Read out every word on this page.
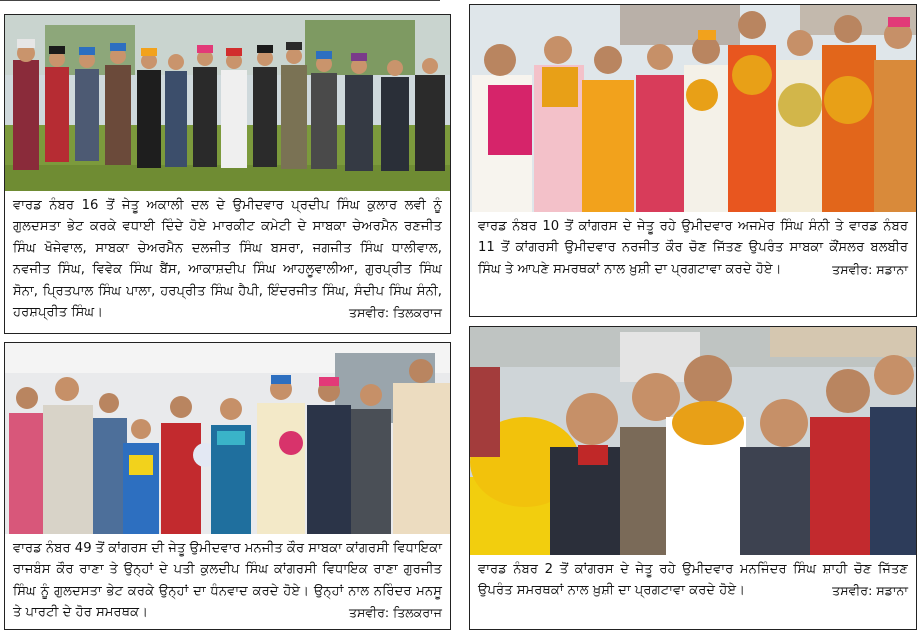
ਵਾਰਡ ਨੰਬਰ 16 ਤੋਂ ਜੇਤੂ ਅਕਾਲੀ ਦਲ ਦੇ ਉਮੀਦਵਾਰ ਪ੍ਰਦੀਪ ਸਿੰਘ ਕੁਲਾਰ ਲਵੀ ਨੂੰ ਗੁਲਦਸਤਾ ਭੇਟ ਕਰਕੇ ਵਧਾਈ ਦਿੰਦੇ ਹੋਏ ਮਾਰਕੀਟ ਕਮੇਟੀ ਦੇ ਸਾਬਕਾ ਚੇਅਰਮੈਨ ਰਣਜੀਤ ਸਿੰਘ ਖੋਜੇਵਾਲ, ਸਾਬਕਾ ਚੇਅਰਮੈਨ ਦਲਜੀਤ ਸਿੰਘ ਬਸਰਾ, ਜਗਜੀਤ ਸਿੰਘ ਧਾਲੀਵਾਲ, ਨਵਜੀਤ ਸਿੰਘ, ਵਿਵੇਕ ਸਿੰਘ ਬੈਂਸ, ਆਕਾਸ਼ਦੀਪ ਸਿੰਘ ਆਹਲੂਵਾਲੀਆ, ਗੁਰਪ੍ਰੀਤ ਸਿੰਘ ਸੋਨਾ, ਪ੍ਰਿਤਪਾਲ ਸਿੰਘ ਪਾਲਾ, ਹਰਪ੍ਰੀਤ ਸਿੰਘ ਹੈਪੀ, ਇੰਦਰਜੀਤ ਸਿੰਘ, ਸੰਦੀਪ ਸਿੰਘ ਸੰਨੀ, ਹਰਸ਼ਪ੍ਰੀਤ ਸਿੰਘ।	ਤਸਵੀਰ: ਤਿਲਕਰਾਜ
ਵਾਰਡ ਨੰਬਰ 10 ਤੋਂ ਕਾਂਗਰਸ ਦੇ ਜੇਤੂ ਰਹੇ ਉਮੀਦਵਾਰ ਅਜਮੇਰ ਸਿੰਘ ਸੰਨੀ ਤੇ ਵਾਰਡ ਨੰਬਰ 11 ਤੋਂ ਕਾਂਗਰਸੀ ਉਮੀਦਵਾਰ ਨਰਜੀਤ ਕੌਰ ਚੋਣ ਜਿੱਤਣ ਉਪਰੰਤ ਸਾਬਕਾ ਕੌਂਸਲਰ ਬਲਬੀਰ ਸਿੰਘ ਤੇ ਆਪਣੇ ਸਮਰਥਕਾਂ ਨਾਲ ਖ਼ੁਸ਼ੀ ਦਾ ਪ੍ਰਗਟਾਵਾ ਕਰਦੇ ਹੋਏ।	ਤਸਵੀਰ: ਸਡਾਨਾ
ਵਾਰਡ ਨੰਬਰ 49 ਤੋਂ ਕਾਂਗਰਸ ਦੀ ਜੇਤੂ ਉਮੀਦਵਾਰ ਮਨਜੀਤ ਕੌਰ ਸਾਬਕਾ ਕਾਂਗਰਸੀ ਵਿਧਾਇਕਾ ਰਾਜਬੰਸ ਕੌਰ ਰਾਣਾ ਤੇ ਉਨ੍ਹਾਂ ਦੇ ਪਤੀ ਕੁਲਦੀਪ ਸਿੰਘ ਕਾਂਗਰਸੀ ਵਿਧਾਇਕ ਰਾਣਾ ਗੁਰਜੀਤ ਸਿੰਘ ਨੂੰ ਗੁਲਦਸਤਾ ਭੇਟ ਕਰਕੇ ਉਨ੍ਹਾਂ ਦਾ ਧੰਨਵਾਦ ਕਰਦੇ ਹੋਏ। ਉਨ੍ਹਾਂ ਨਾਲ ਨਰਿੰਦਰ ਮਨਸੂ ਤੇ ਪਾਰਟੀ ਦੇ ਹੋਰ ਸਮਰਥਕ।	ਤਸਵੀਰ: ਤਿਲਕਰਾਜ
ਵਾਰਡ ਨੰਬਰ 2 ਤੋਂ ਕਾਂਗਰਸ ਦੇ ਜੇਤੂ ਰਹੇ ਉਮੀਦਵਾਰ ਮਨਜਿੰਦਰ ਸਿੰਘ ਸ਼ਾਹੀ ਚੋਣ ਜਿੱਤਣ ਉਪਰੰਤ ਸਮਰਥਕਾਂ ਨਾਲ ਖ਼ੁਸ਼ੀ ਦਾ ਪ੍ਰਗਟਾਵਾ ਕਰਦੇ ਹੋਏ।	ਤਸਵੀਰ: ਸਡਾਨਾ
